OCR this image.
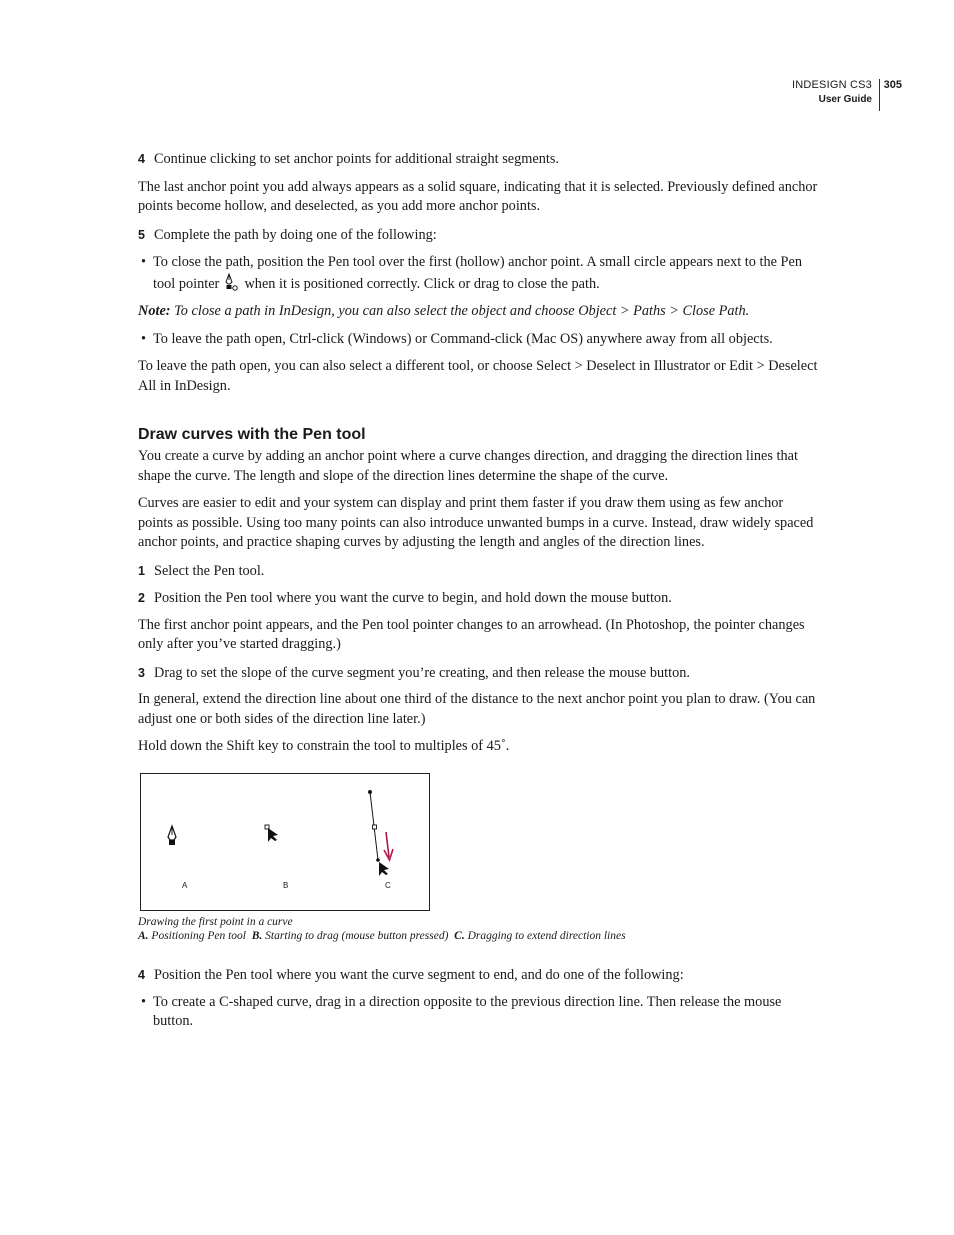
INDESIGN CS3
User Guide
305
4 Continue clicking to set anchor points for additional straight segments.

The last anchor point you add always appears as a solid square, indicating that it is selected. Previously defined anchor points become hollow, and deselected, as you add more anchor points.

5 Complete the path by doing one of the following:
• To close the path, position the Pen tool over the first (hollow) anchor point. A small circle appears next to the Pen tool pointer when it is positioned correctly. Click or drag to close the path.

Note: To close a path in InDesign, you can also select the object and choose Object > Paths > Close Path.

• To leave the path open, Ctrl-click (Windows) or Command-click (Mac OS) anywhere away from all objects.

To leave the path open, you can also select a different tool, or choose Select > Deselect in Illustrator or Edit > Deselect All in InDesign.

Draw curves with the Pen tool

You create a curve by adding an anchor point where a curve changes direction, and dragging the direction lines that shape the curve. The length and slope of the direction lines determine the shape of the curve.

Curves are easier to edit and your system can display and print them faster if you draw them using as few anchor points as possible. Using too many points can also introduce unwanted bumps in a curve. Instead, draw widely spaced anchor points, and practice shaping curves by adjusting the length and angles of the direction lines.

1 Select the Pen tool.
2 Position the Pen tool where you want the curve to begin, and hold down the mouse button.

The first anchor point appears, and the Pen tool pointer changes to an arrowhead. (In Photoshop, the pointer changes only after you’ve started dragging.)

3 Drag to set the slope of the curve segment you’re creating, and then release the mouse button.

In general, extend the direction line about one third of the distance to the next anchor point you plan to draw. (You can adjust one or both sides of the direction line later.)

Hold down the Shift key to constrain the tool to multiples of 45˚.

A	B	C
Drawing the first point in a curve
A. Positioning Pen tool B. Starting to drag (mouse button pressed) C. Dragging to extend direction lines
4 Position the Pen tool where you want the curve segment to end, and do one of the following:
• To create a C-shaped curve, drag in a direction opposite to the previous direction line. Then release the mouse button.
